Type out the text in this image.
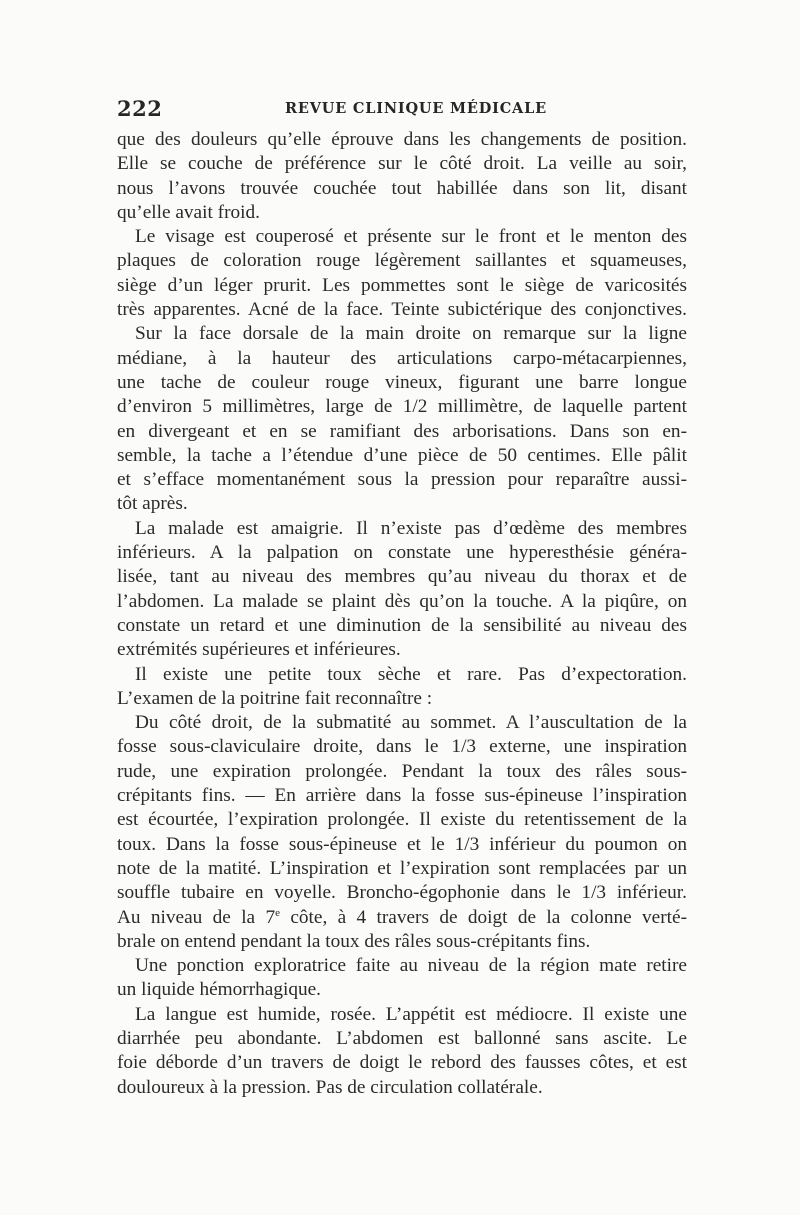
222	REVUE CLINIQUE MÉDICALE
que des douleurs qu’elle éprouve dans les changements de position.
Elle se couche de préférence sur le côté droit. La veille au soir,
nous l’avons trouvée couchée tout habillée dans son lit, disant
qu’elle avait froid.
Le visage est couperosé et présente sur le front et le menton des
plaques de coloration rouge légèrement saillantes et squameuses,
siège d’un léger prurit. Les pommettes sont le siège de varicosités
très apparentes. Acné de la face. Teinte subictérique des conjonctives.
Sur la face dorsale de la main droite on remarque sur la ligne
médiane, à la hauteur des articulations carpo-métacarpiennes,
une tache de couleur rouge vineux, figurant une barre longue
d’environ 5 millimètres, large de 1/2 millimètre, de laquelle partent
en divergeant et en se ramifiant des arborisations. Dans son en-
semble, la tache a l’étendue d’une pièce de 50 centimes. Elle pâlit
et s’efface momentanément sous la pression pour reparaître aussi-
tôt après.
La malade est amaigrie. Il n’existe pas d’œdème des membres
inférieurs. A la palpation on constate une hyperesthésie généra-
lisée, tant au niveau des membres qu’au niveau du thorax et de
l’abdomen. La malade se plaint dès qu’on la touche. A la piqûre, on
constate un retard et une diminution de la sensibilité au niveau des
extrémités supérieures et inférieures.
Il existe une petite toux sèche et rare. Pas d’expectoration.
L’examen de la poitrine fait reconnaître :
Du côté droit, de la submatité au sommet. A l’auscultation de la
fosse sous-claviculaire droite, dans le 1/3 externe, une inspiration
rude, une expiration prolongée. Pendant la toux des râles sous-
crépitants fins. — En arrière dans la fosse sus-épineuse l’inspiration
est écourtée, l’expiration prolongée. Il existe du retentissement de la
toux. Dans la fosse sous-épineuse et le 1/3 inférieur du poumon on
note de la matité. L’inspiration et l’expiration sont remplacées par un
souffle tubaire en voyelle. Broncho-égophonie dans le 1/3 inférieur.
Au niveau de la 7e côte, à 4 travers de doigt de la colonne verté-
brale on entend pendant la toux des râles sous-crépitants fins.
Une ponction exploratrice faite au niveau de la région mate retire
un liquide hémorrhagique.
La langue est humide, rosée. L’appétit est médiocre. Il existe une
diarrhée peu abondante. L’abdomen est ballonné sans ascite. Le
foie déborde d’un travers de doigt le rebord des fausses côtes, et est
douloureux à la pression. Pas de circulation collatérale.
